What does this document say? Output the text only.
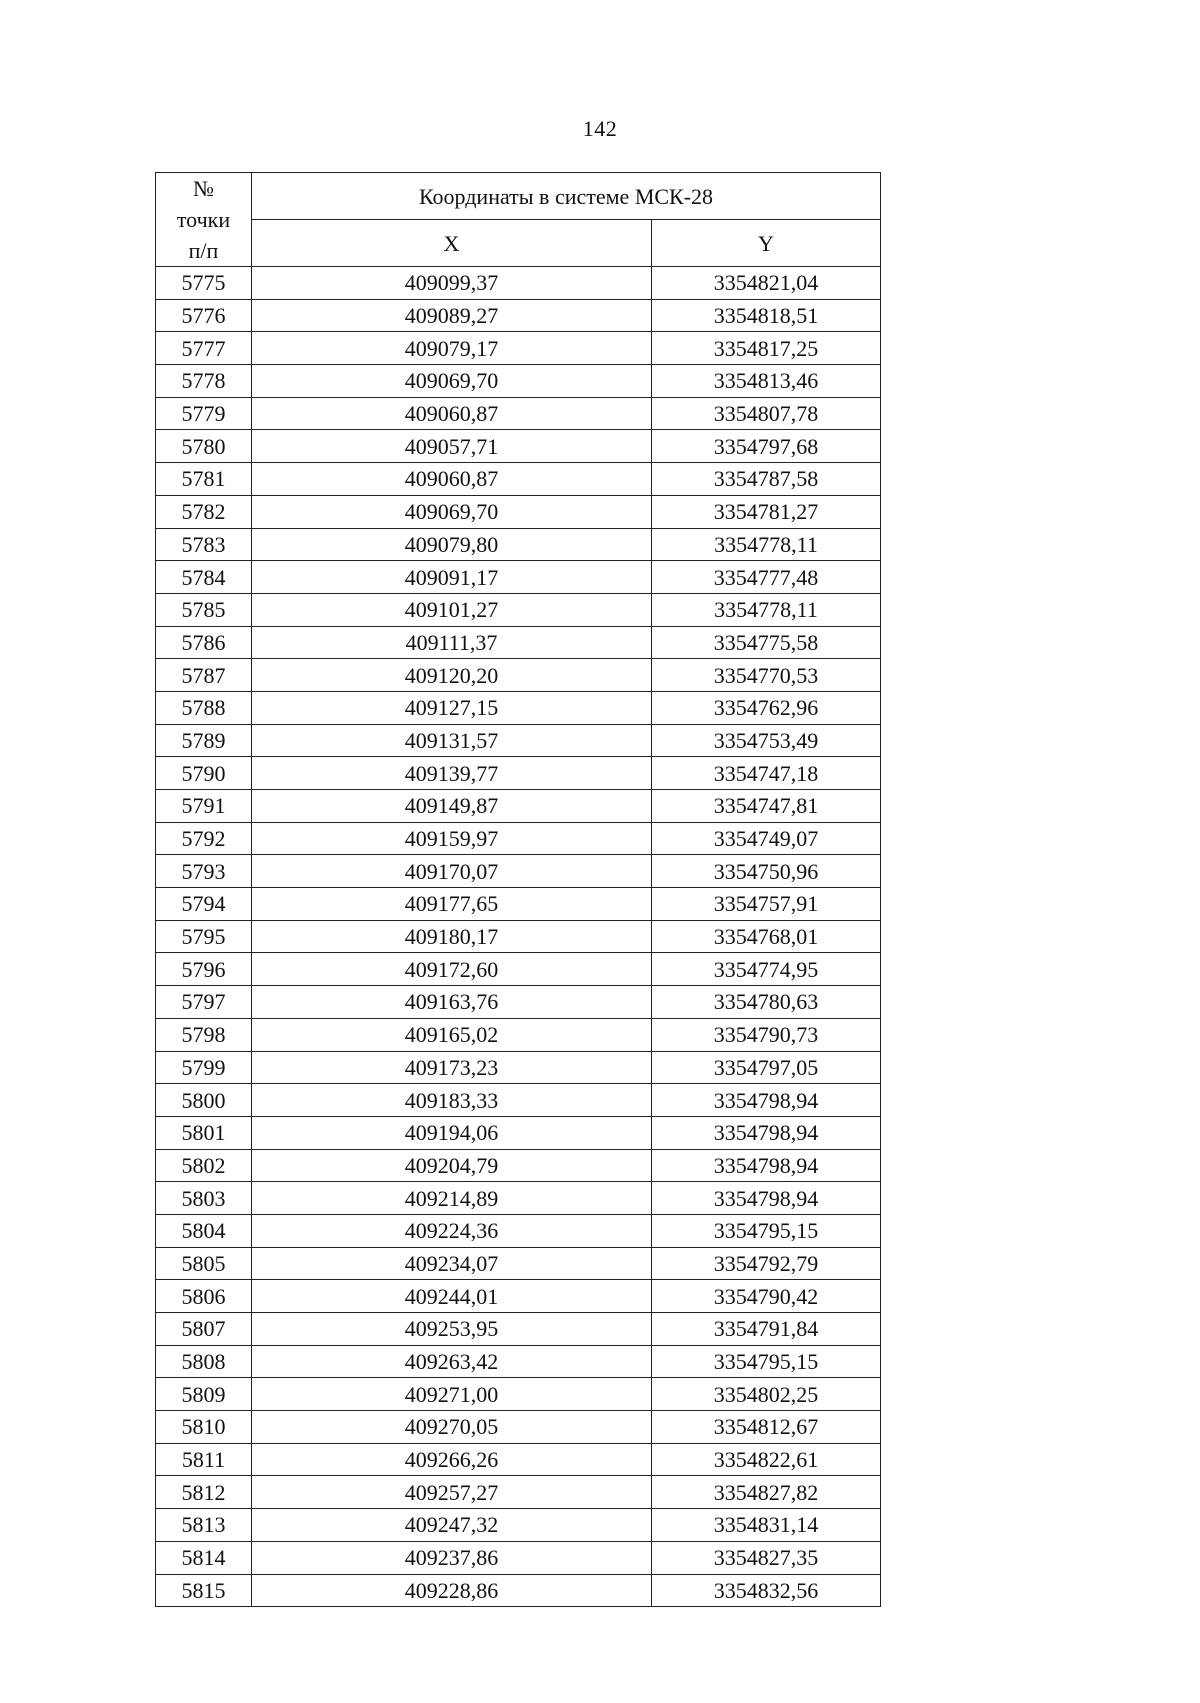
142
№
точки
п/п	Координаты в системе МСК-28	
	X	Y
5775	409099,37	3354821,04
5776	409089,27	3354818,51
5777	409079,17	3354817,25
5778	409069,70	3354813,46
5779	409060,87	3354807,78
5780	409057,71	3354797,68
5781	409060,87	3354787,58
5782	409069,70	3354781,27
5783	409079,80	3354778,11
5784	409091,17	3354777,48
5785	409101,27	3354778,11
5786	409111,37	3354775,58
5787	409120,20	3354770,53
5788	409127,15	3354762,96
5789	409131,57	3354753,49
5790	409139,77	3354747,18
5791	409149,87	3354747,81
5792	409159,97	3354749,07
5793	409170,07	3354750,96
5794	409177,65	3354757,91
5795	409180,17	3354768,01
5796	409172,60	3354774,95
5797	409163,76	3354780,63
5798	409165,02	3354790,73
5799	409173,23	3354797,05
5800	409183,33	3354798,94
5801	409194,06	3354798,94
5802	409204,79	3354798,94
5803	409214,89	3354798,94
5804	409224,36	3354795,15
5805	409234,07	3354792,79
5806	409244,01	3354790,42
5807	409253,95	3354791,84
5808	409263,42	3354795,15
5809	409271,00	3354802,25
5810	409270,05	3354812,67
5811	409266,26	3354822,61
5812	409257,27	3354827,82
5813	409247,32	3354831,14
5814	409237,86	3354827,35
5815	409228,86	3354832,56
